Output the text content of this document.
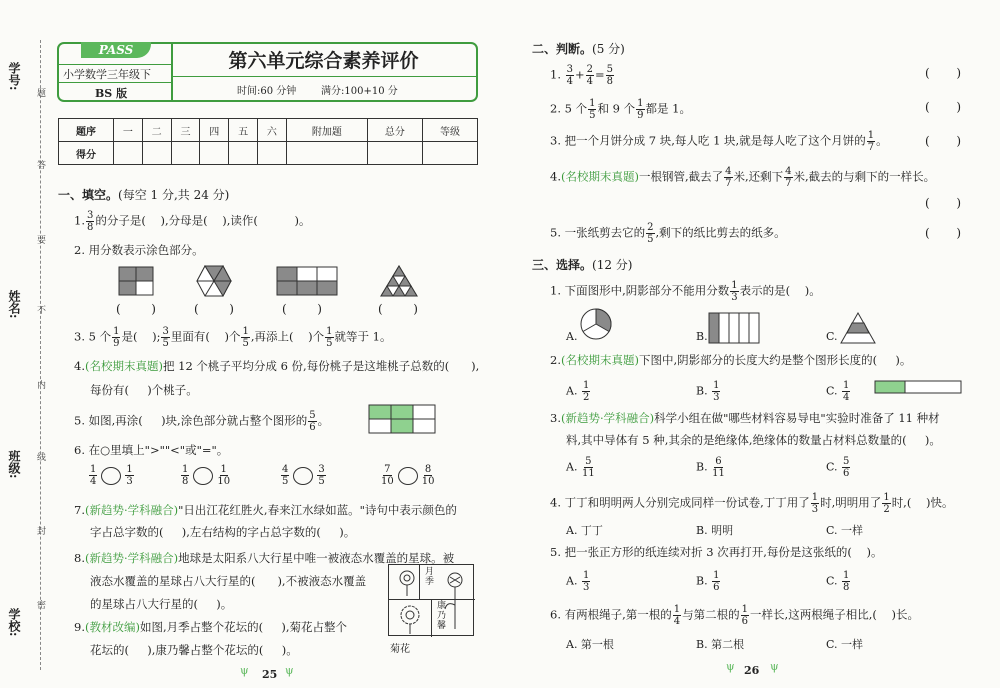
学号:
姓名:
班级:
学校:
题
答
要
不
内
线
封
密
PASS
小学数学三年级下
BS 版
第六单元综合素养评价
时间:60 分钟 满分:100+10 分
题序	一	二	三	四	五	六	附加题	总分	等级
得分									
一、填空。(每空 1 分,共 24 分)
1. $\frac{3}{8}$ 的分子是( ),分母是( ),读作(	)。
2. 用分数表示涂色部分。
(        )	(        )	(        )	(        )
3. 5 个 $\frac{1}{9}$ 是( ); $\frac{3}{5}$ 里面有( )个 $\frac{1}{5}$ ,再添上( )个 $\frac{1}{5}$ 就等于 1。
4.(名校期末真题)把 12 个桃子平均分成 6 份,每份桃子是这堆桃子总数的( ),
每份有( )个桃子。
5. 如图,再涂( )块,涂色部分就占整个图形的 $\frac{5}{6}$ 。
6. 在○里填上">""<"或"="。
$\frac{1}{4}$	$\frac{1}{3}$	$\frac{1}{8}$	$\frac{1}{10}$	$\frac{4}{5}$	$\frac{3}{5}$	$\frac{7}{10}$	$\frac{8}{10}$
7.(新趋势·学科融合)"日出江花红胜火,春来江水绿如蓝。"诗句中表示颜色的
字占总字数的( ),左右结构的字占总字数的( )。
8.(新趋势·学科融合)地球是太阳系八大行星中唯一被液态水覆盖的星球。被
液态水覆盖的星球占八大行星的( ),不被液态水覆盖
的星球占八大行星的( )。
9.(教材改编)如图,月季占整个花坛的( ),菊花占整个
花坛的( ),康乃馨占整个花坛的( )。
月季
康乃馨
菊花
25
ψ	ψ
二、判断。(5 分)
1. $\frac{3}{4} + \frac{2}{4} = \frac{5}{8}$	(       )
2. 5 个 $\frac{1}{5}$ 和 9 个 $\frac{1}{9}$ 都是 1。	(       )
3. 把一个月饼分成 7 块,每人吃 1 块,就是每人吃了这个月饼的 $\frac{1}{7}$ 。	(       )
4.(名校期末真题)一根钢管,截去了 $\frac{4}{7}$ 米,还剩下 $\frac{4}{7}$ 米,截去的与剩下的一样长。
(       )
5. 一张纸剪去它的 $\frac{2}{5}$ ,剩下的纸比剪去的纸多。	(       )
三、选择。(12 分)
1. 下面图形中,阴影部分不能用分数 $\frac{1}{3}$ 表示的是( )。
A.	B.	C.
2.(名校期末真题)下图中,阴影部分的长度大约是整个图形长度的( )。
A. $\frac{1}{2}$	B. $\frac{1}{3}$	C. $\frac{1}{4}$
3.(新趋势·学科融合)科学小组在做"哪些材料容易导电"实验时准备了 11 种材
料,其中导体有 5 种,其余的是绝缘体,绝缘体的数量占材料总数量的( )。
A. $\frac{5}{11}$	B. $\frac{6}{11}$	C. $\frac{5}{6}$
4. 丁丁和明明两人分别完成同样一份试卷,丁丁用了 $\frac{1}{3}$ 时,明明用了 $\frac{1}{2}$ 时,( )快。
A. 丁丁	B. 明明	C. 一样
5. 把一张正方形的纸连续对折 3 次再打开,每份是这张纸的( )。
A. $\frac{1}{3}$	B. $\frac{1}{6}$	C. $\frac{1}{8}$
6. 有两根绳子,第一根的 $\frac{1}{4}$ 与第二根的 $\frac{1}{6}$ 一样长,这两根绳子相比,( )长。
A. 第一根	B. 第二根	C. 一样
26
ψ	ψ
